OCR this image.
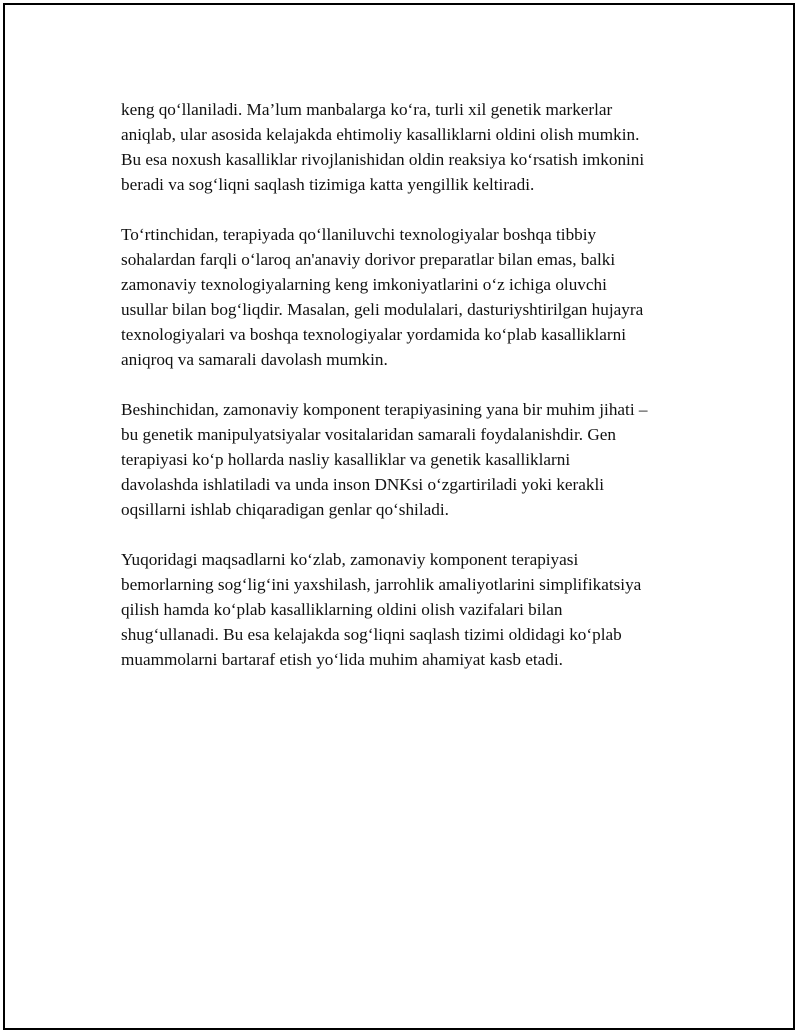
keng qo‘llaniladi. Ma’lum manbalarga ko‘ra, turli xil genetik markerlar
aniqlab, ular asosida kelajakda ehtimoliy kasalliklarni oldini olish mumkin.
Bu esa noxush kasalliklar rivojlanishidan oldin reaksiya ko‘rsatish imkonini
beradi va sog‘liqni saqlash tizimiga katta yengillik keltiradi.

To‘rtinchidan, terapiyada qo‘llaniluvchi texnologiyalar boshqa tibbiy
sohalardan farqli o‘laroq an'anaviy dorivor preparatlar bilan emas, balki
zamonaviy texnologiyalarning keng imkoniyatlarini o‘z ichiga oluvchi
usullar bilan bog‘liqdir. Masalan, geli modulalari, dasturiyshtirilgan hujayra
texnologiyalari va boshqa texnologiyalar yordamida ko‘plab kasalliklarni
aniqroq va samarali davolash mumkin.

Beshinchidan, zamonaviy komponent terapiyasining yana bir muhim jihati –
bu genetik manipulyatsiyalar vositalaridan samarali foydalanishdir. Gen
terapiyasi ko‘p hollarda nasliy kasalliklar va genetik kasalliklarni
davolashda ishlatiladi va unda inson DNKsi o‘zgartiriladi yoki kerakli
oqsillarni ishlab chiqaradigan genlar qo‘shiladi.

Yuqoridagi maqsadlarni ko‘zlab, zamonaviy komponent terapiyasi
bemorlarning sog‘lig‘ini yaxshilash, jarrohlik amaliyotlarini simplifikatsiya
qilish hamda ko‘plab kasalliklarning oldini olish vazifalari bilan
shug‘ullanadi. Bu esa kelajakda sog‘liqni saqlash tizimi oldidagi ko‘plab
muammolarni bartaraf etish yo‘lida muhim ahamiyat kasb etadi.
